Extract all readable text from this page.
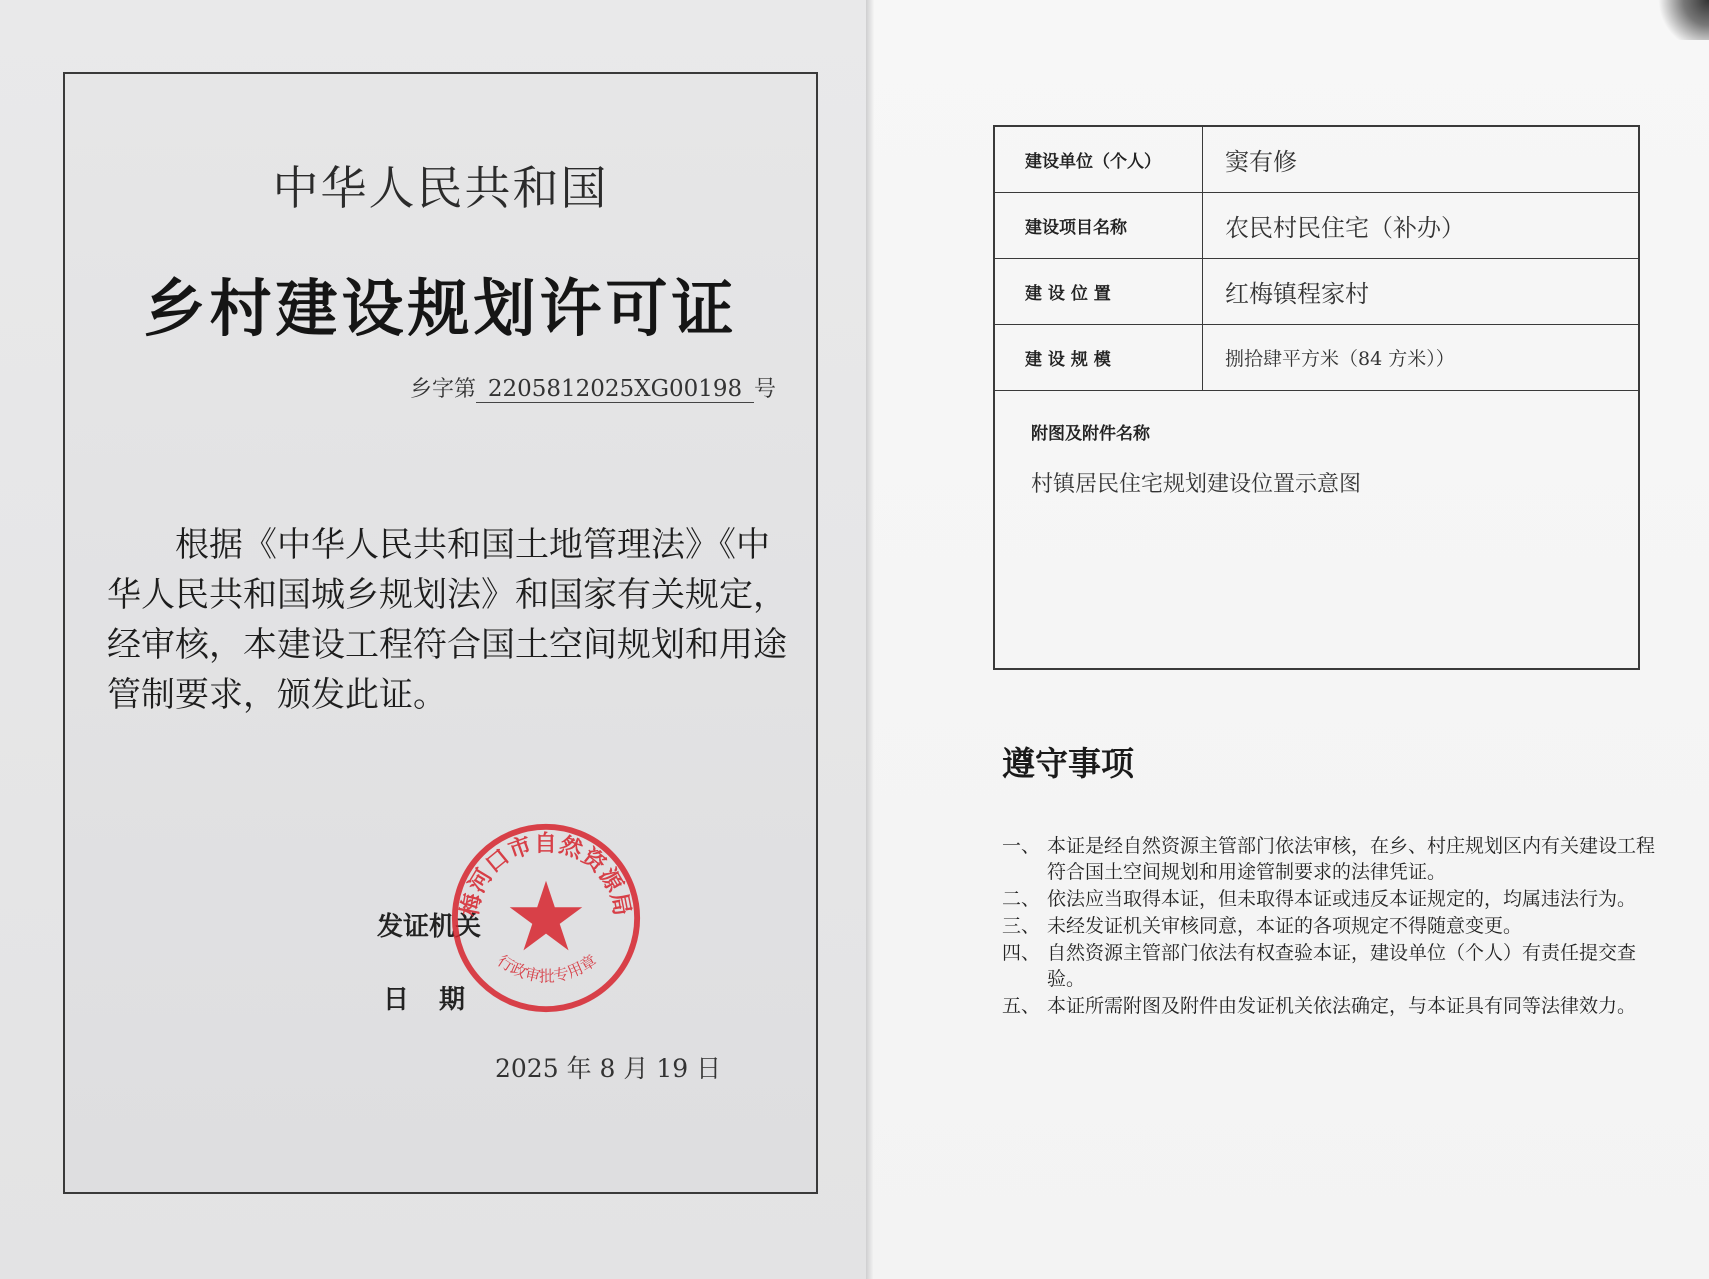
中华人民共和国
乡村建设规划许可证
乡字第 2205812025XG00198 号
根据《中华人民共和国土地管理法》《中华人民共和国城乡规划法》和国家有关规定，经审核，本建设工程符合国土空间规划和用途管制要求，颁发此证。
发证机关
日　期
2025 年 8 月 19 日
梅河口市自然资源局
行政审批专用章
建设单位（个人）	窦有修
建设项目名称	农民村民住宅（补办）
建 设 位 置	红梅镇程家村
建 设 规 模	捌拾肆平方米（84 方米））
附图及附件名称
村镇居民住宅规划建设位置示意图
遵守事项
一、 本证是经自然资源主管部门依法审核，在乡、村庄规划区内有关建设工程符合国土空间规划和用途管制要求的法律凭证。
二、 依法应当取得本证，但未取得本证或违反本证规定的，均属违法行为。
三、 未经发证机关审核同意，本证的各项规定不得随意变更。
四、 自然资源主管部门依法有权查验本证，建设单位（个人）有责任提交查验。
五、 本证所需附图及附件由发证机关依法确定，与本证具有同等法律效力。
